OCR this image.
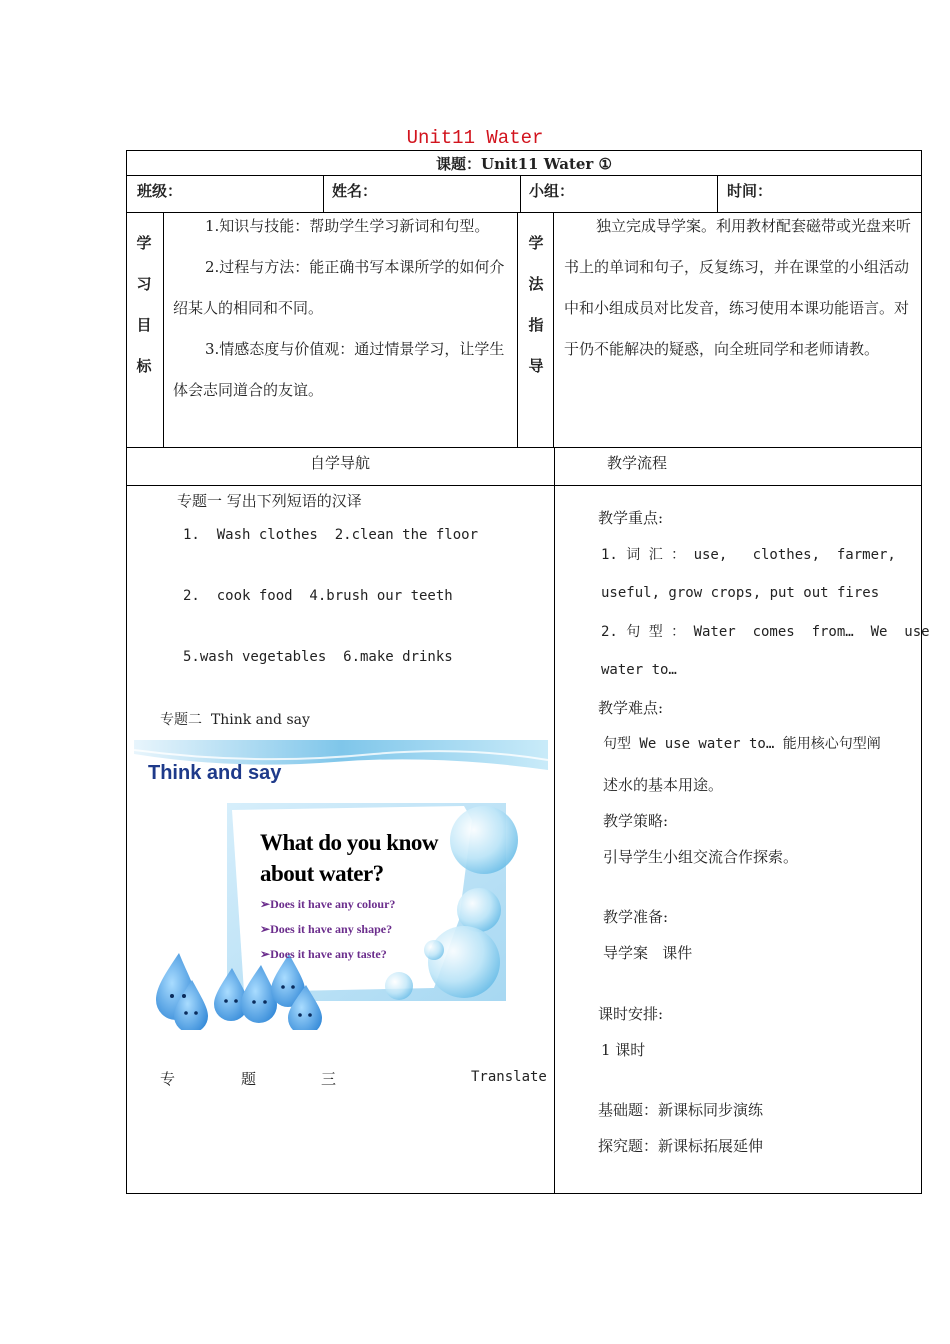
Unit11 Water
课题：Unit11 Water ①
班级：	姓名：	小组：	时间：
学
习
目
标
1.知识与技能：帮助学生学习新词和句型。
2.过程与方法：能正确书写本课所学的如何介绍某人的相同和不同。
3.情感态度与价值观：通过情景学习，让学生体会志同道合的友谊。
学
法
指
导
独立完成导学案。利用教材配套磁带或光盘来听书上的单词和句子，反复练习，并在课堂的小组活动中和小组成员对比发音，练习使用本课功能语言。对于仍不能解决的疑惑，向全班同学和老师请教。
自学导航	教学流程
专题一 写出下列短语的汉译
1.  Wash clothes  2.clean the floor
2.  cook food  4.brush our teeth
5.wash vegetables  6.make drinks
专题二  Think and say
Think and say
What do you know
about water?
➢Does it have any colour?
➢Does it have any shape?
➢Does it have any taste?
专	题	三	Translate
教学重点:
1. 词 汇 ： use,   clothes,  farmer,
useful, grow crops, put out fires
2. 句 型 ： Water  comes  from…  We  use
water to…
教学难点:
句型 We use water to… 能用核心句型阐
述水的基本用途。
教学策略:
引导学生小组交流合作探索。
教学准备:
导学案   课件
课时安排:
1 课时
基础题：新课标同步演练
探究题：新课标拓展延伸
